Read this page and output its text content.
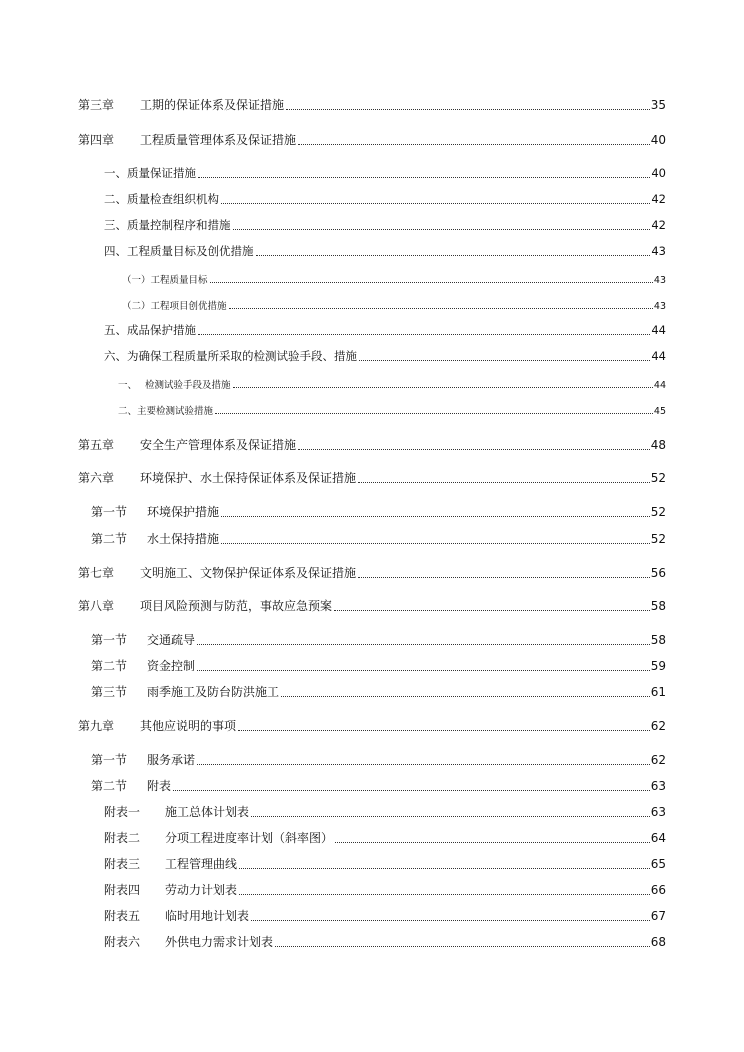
第三章	工期的保证体系及保证措施	35
第四章	工程质量管理体系及保证措施	40
一、质量保证措施	40
二、质量检查组织机构	42
三、质量控制程序和措施	42
四、工程质量目标及创优措施	43
（一）工程质量目标	43
（二）工程项目创优措施	43
五、成品保护措施	44
六、为确保工程质量所采取的检测试验手段、措施	44
一、 检测试验手段及措施	44
二、主要检测试验措施	45
第五章	安全生产管理体系及保证措施	48
第六章	环境保护、水土保持保证体系及保证措施	52
第一节	环境保护措施	52
第二节	水土保持措施	52
第七章	文明施工、文物保护保证体系及保证措施	56
第八章	项目风险预测与防范，事故应急预案	58
第一节	交通疏导	58
第二节	资金控制	59
第三节	雨季施工及防台防洪施工	61
第九章	其他应说明的事项	62
第一节	服务承诺	62
第二节	附表	63
附表一	施工总体计划表	63
附表二	分项工程进度率计划（斜率图）	64
附表三	工程管理曲线	65
附表四	劳动力计划表	66
附表五	临时用地计划表	67
附表六	外供电力需求计划表	68
